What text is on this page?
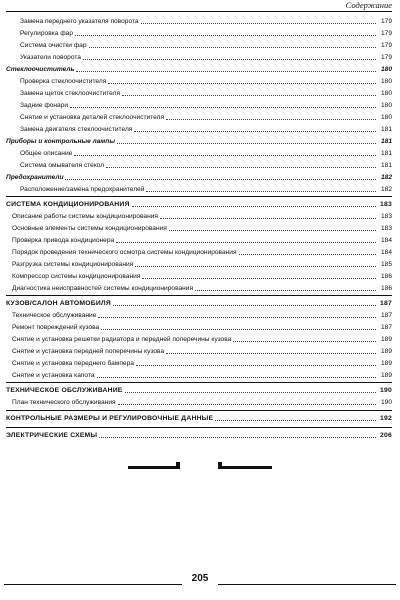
Содержание
Замена переднего указателя поворота	179
Регулировка фар	179
Система очистки фар	179
Указатели поворота	179
Стеклоочиститель	180
Проверка стеклоочистителя	180
Замена щеток стеклоочистителя	180
Задние фонари	180
Снятие и установка деталей стеклоочистителя	180
Замена двигателя стеклоочистителя	181
Приборы и контрольные лампы	181
Общее описание	181
Система омывателя стекол	181
Предохранители	182
Расположение/замена предохранителей	182
СИСТЕМА КОНДИЦИОНИРОВАНИЯ	183
Описание работы системы кондиционирования	183
Основные элементы системы кондиционирования	183
Проверка привода кондиционера	184
Порядок проведения технического осмотра системы кондиционирования	184
Разгрузка системы кондиционирования	185
Компрессор системы кондиционирования	186
Диагностика неисправностей системы кондиционирования	186
КУЗОВ/САЛОН АВТОМОБИЛЯ	187
Техническое обслуживание	187
Ремонт повреждений кузова	187
Снятие и установка решетки радиатора и передней поперечины кузова	189
Снятие и установка передней поперечины кузова	189
Снятие и установка переднего бампера	189
Снятие и установка капота	189
ТЕХНИЧЕСКОЕ ОБСЛУЖИВАНИЕ	190
План технического обслуживания	190
КОНТРОЛЬНЫЕ РАЗМЕРЫ И РЕГУЛИРОВОЧНЫЕ ДАННЫЕ	192
ЭЛЕКТРИЧЕСКИЕ СХЕМЫ	206
205
